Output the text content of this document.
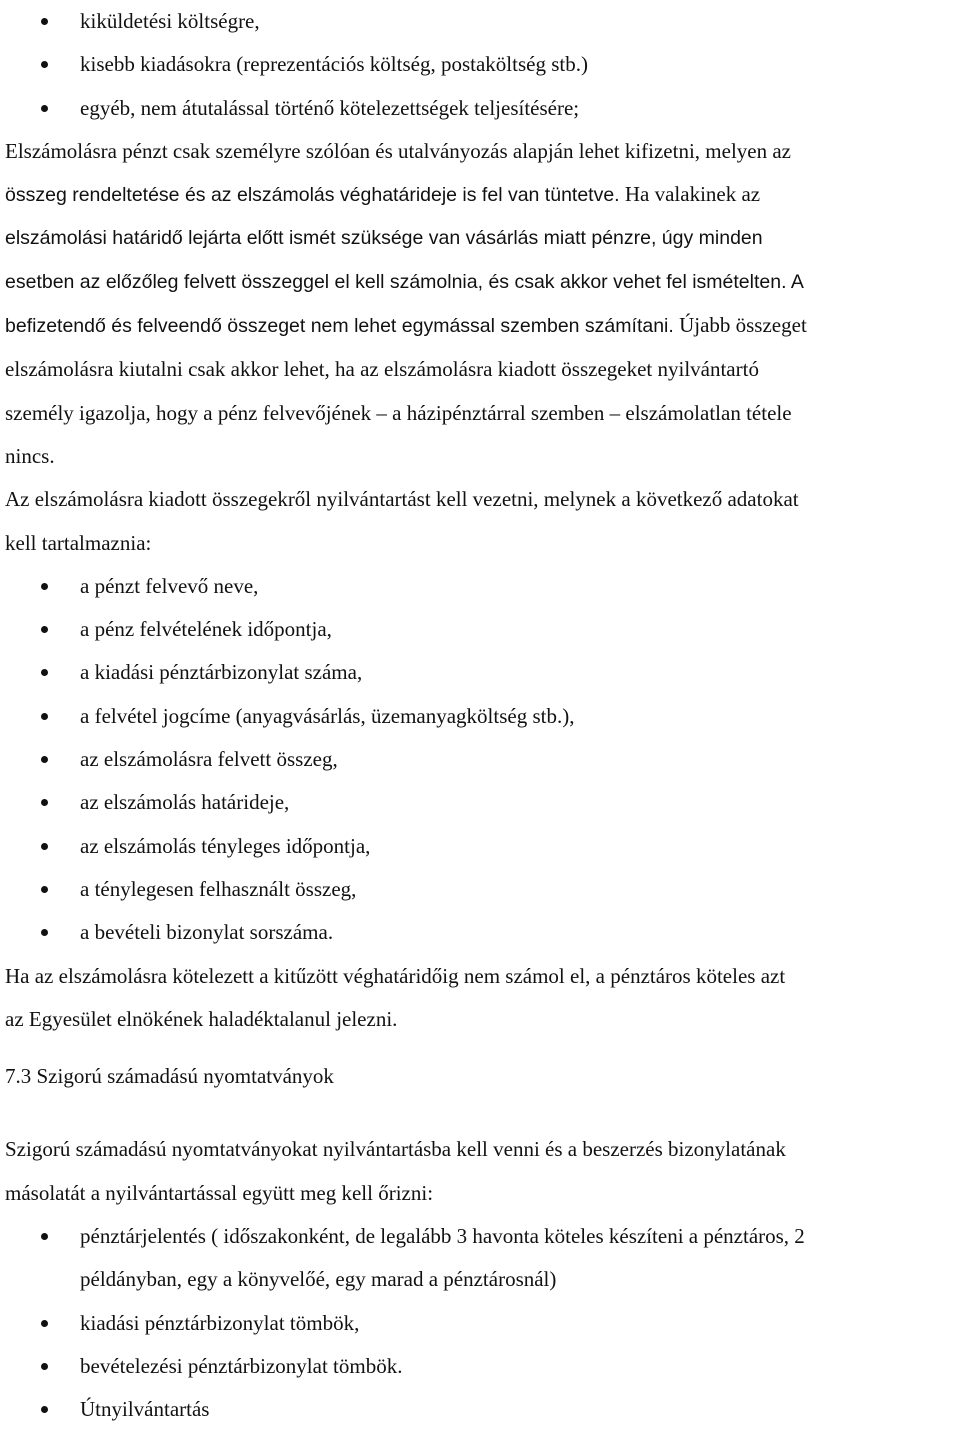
kiküldetési költségre,
kisebb kiadásokra (reprezentációs költség, postaköltség stb.)
egyéb, nem átutalással történő kötelezettségek teljesítésére;
Elszámolásra pénzt csak személyre szólóan és utalványozás alapján lehet kifizetni, melyen az
összeg rendeltetése és az elszámolás véghatárideje is fel van tüntetve. Ha valakinek az
elszámolási határidő lejárta előtt ismét szüksége van vásárlás miatt pénzre, úgy minden
esetben az előzőleg felvett összeggel el kell számolnia, és csak akkor vehet fel ismételten. A
befizetendő és felveendő összeget nem lehet egymással szemben számítani. Újabb összeget
elszámolásra kiutalni csak akkor lehet, ha az elszámolásra kiadott összegeket nyilvántartó
személy igazolja, hogy a pénz felvevőjének – a házipénztárral szemben – elszámolatlan tétele
nincs.
Az elszámolásra kiadott összegekről nyilvántartást kell vezetni, melynek a következő adatokat
kell tartalmaznia:
a pénzt felvevő neve,
a pénz felvételének időpontja,
a kiadási pénztárbizonylat száma,
a felvétel jogcíme (anyagvásárlás, üzemanyagköltség stb.),
az elszámolásra felvett összeg,
az elszámolás határideje,
az elszámolás tényleges időpontja,
a ténylegesen felhasznált összeg,
a bevételi bizonylat sorszáma.
Ha az elszámolásra kötelezett a kitűzött véghatáridőig nem számol el, a pénztáros köteles azt
az Egyesület elnökének haladéktalanul jelezni.
7.3 Szigorú számadású nyomtatványok
Szigorú számadású nyomtatványokat nyilvántartásba kell venni és a beszerzés bizonylatának
másolatát a nyilvántartással együtt meg kell őrizni:
pénztárjelentés ( időszakonként, de legalább 3 havonta köteles készíteni a pénztáros, 2
példányban, egy a könyvelőé, egy marad a pénztárosnál)
kiadási pénztárbizonylat tömbök,
bevételezési pénztárbizonylat tömbök.
Útnyilvántartás
